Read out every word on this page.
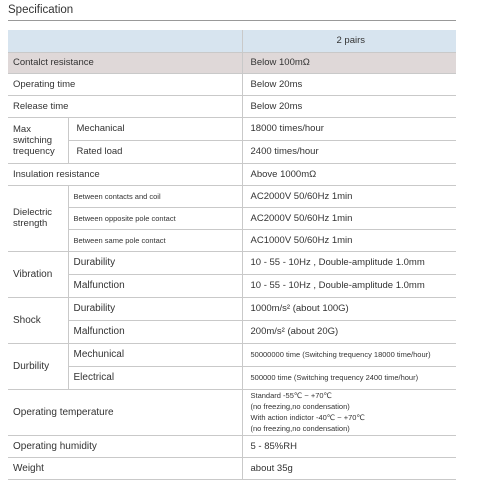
Specification
		2 pairs
Contalct resistance		Below 100mΩ
Operating time		Below 20ms
Release time		Below 20ms
Max switching trequency	Mechanical	18000 times/hour
	Rated load	2400 times/hour
Insulation resistance		Above 1000mΩ
Dielectric strength	Between contacts and coil	AC2000V 50/60Hz 1min
	Between opposite pole contact	AC2000V 50/60Hz 1min
	Between same pole contact	AC1000V 50/60Hz 1min
Vibration	Durability	10 - 55 - 10Hz , Double-amplitude 1.0mm
	Malfunction	10 - 55 - 10Hz , Double-amplitude 1.0mm
Shock	Durability	1000m/s² (about 100G)
	Malfunction	200m/s² (about 20G)
Durbility	Mechunical	50000000 time (Switching trequency 18000 time/hour)
	Electrical	500000 time (Switching trequency 2400 time/hour)
Operating temperature		Standard -55℃ ~ +70℃
(no freezing,no condensation)
With action indictor -40℃ ~ +70℃
(no freezing,no condensation)

Operating humidity		5 - 85%RH
Weight		about 35g
